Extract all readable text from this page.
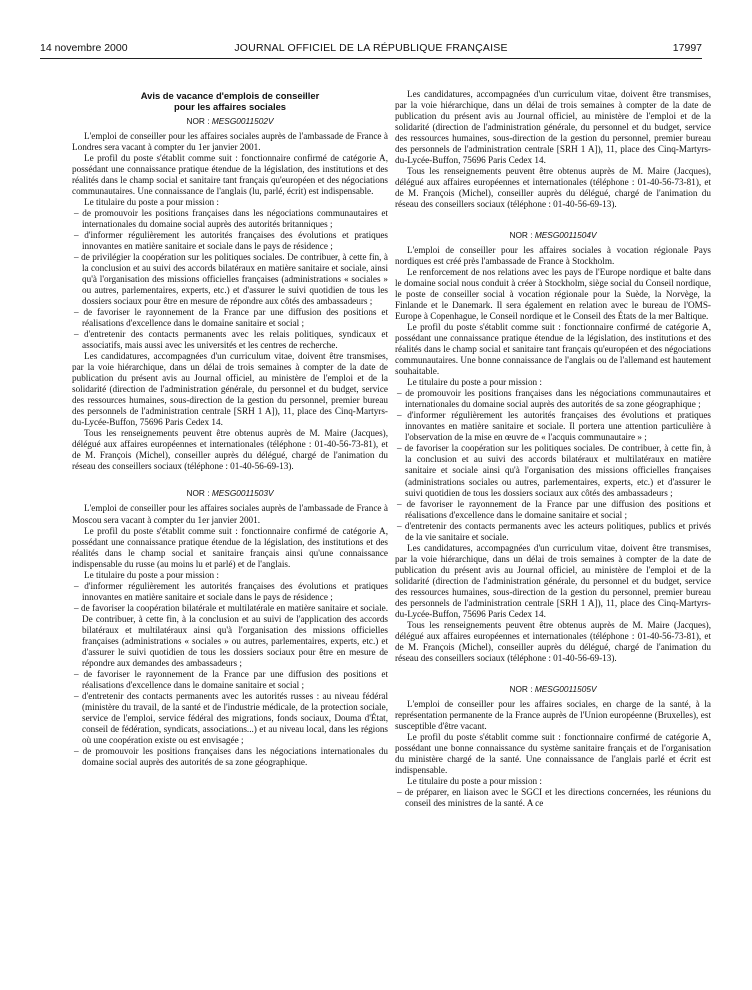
14 novembre 2000	JOURNAL OFFICIEL DE LA RÉPUBLIQUE FRANÇAISE	17997
Avis de vacance d'emplois de conseiller
pour les affaires sociales
NOR : MESG0011502V

L'emploi de conseiller pour les affaires sociales auprès de l'ambassade de France à Londres sera vacant à compter du 1er janvier 2001.

Le profil du poste s'établit comme suit : fonctionnaire confirmé de catégorie A, possédant une connaissance pratique étendue de la législation, des institutions et des réalités dans le champ social et sanitaire tant français qu'européen et des négociations communautaires. Une connaissance de l'anglais (lu, parlé, écrit) est indispensable.

Le titulaire du poste a pour mission :

– de promouvoir les positions françaises dans les négociations communautaires et internationales du domaine social auprès des autorités britanniques ;
– d'informer régulièrement les autorités françaises des évolutions et pratiques innovantes en matière sanitaire et sociale dans le pays de résidence ;
– de privilégier la coopération sur les politiques sociales. De contribuer, à cette fin, à la conclusion et au suivi des accords bilatéraux en matière sanitaire et sociale, ainsi qu'à l'organisation des missions officielles françaises (administrations « sociales » ou autres, parlementaires, experts, etc.) et d'assurer le suivi quotidien de tous les dossiers sociaux pour être en mesure de répondre aux côtés des ambassadeurs ;
– de favoriser le rayonnement de la France par une diffusion des positions et réalisations d'excellence dans le domaine sanitaire et social ;
– d'entretenir des contacts permanents avec les relais politiques, syndicaux et associatifs, mais aussi avec les universités et les centres de recherche.

Les candidatures, accompagnées d'un curriculum vitae, doivent être transmises, par la voie hiérarchique, dans un délai de trois semaines à compter de la date de publication du présent avis au Journal officiel, au ministère de l'emploi et de la solidarité (direction de l'administration générale, du personnel et du budget, service des ressources humaines, sous-direction de la gestion du personnel, premier bureau des personnels de l'administration centrale [SRH 1 A]), 11, place des Cinq-Martyrs-du-Lycée-Buffon, 75696 Paris Cedex 14.

Tous les renseignements peuvent être obtenus auprès de M. Maire (Jacques), délégué aux affaires européennes et internationales (téléphone : 01-40-56-73-81), et de M. François (Michel), conseiller auprès du délégué, chargé de l'animation du réseau des conseillers sociaux (téléphone : 01-40-56-69-13).

NOR : MESG0011503V

L'emploi de conseiller pour les affaires sociales auprès de l'ambassade de France à Moscou sera vacant à compter du 1er janvier 2001.

Le profil du poste s'établit comme suit : fonctionnaire confirmé de catégorie A, possédant une connaissance pratique étendue de la législation, des institutions et des réalités dans le champ social et sanitaire français ainsi qu'une connaissance indispensable du russe (au moins lu et parlé) et de l'anglais.

Le titulaire du poste a pour mission :

– d'informer régulièrement les autorités françaises des évolutions et pratiques innovantes en matière sanitaire et sociale dans le pays de résidence ;
– de favoriser la coopération bilatérale et multilatérale en matière sanitaire et sociale. De contribuer, à cette fin, à la conclusion et au suivi de l'application des accords bilatéraux et multilatéraux ainsi qu'à l'organisation des missions officielles françaises (administrations « sociales » ou autres, parlementaires, experts, etc.) et d'assurer le suivi quotidien de tous les dossiers sociaux pour être en mesure de répondre aux demandes des ambassadeurs ;
– de favoriser le rayonnement de la France par une diffusion des positions et réalisations d'excellence dans le domaine sanitaire et social ;
– d'entretenir des contacts permanents avec les autorités russes : au niveau fédéral (ministère du travail, de la santé et de l'industrie médicale, de la protection sociale, service de l'emploi, service fédéral des migrations, fonds sociaux, Douma d'État, conseil de fédération, syndicats, associations...) et au niveau local, dans les régions où une coopération existe ou est envisagée ;
– de promouvoir les positions françaises dans les négociations internationales du domaine social auprès des autorités de sa zone géographique.

Les candidatures, accompagnées d'un curriculum vitae, doivent être transmises, par la voie hiérarchique, dans un délai de trois semaines à compter de la date de publication du présent avis au Journal officiel, au ministère de l'emploi et de la solidarité (direction de l'administration générale, du personnel et du budget, service des ressources humaines, sous-direction de la gestion du personnel, premier bureau des personnels de l'administration centrale [SRH 1 A]), 11, place des Cinq-Martyrs-du-Lycée-Buffon, 75696 Paris Cedex 14.

Tous les renseignements peuvent être obtenus auprès de M. Maire (Jacques), délégué aux affaires européennes et internationales (téléphone : 01-40-56-73-81), et de M. François (Michel), conseiller auprès du délégué, chargé de l'animation du réseau des conseillers sociaux (téléphone : 01-40-56-69-13).

NOR : MESG0011504V

L'emploi de conseiller pour les affaires sociales à vocation régionale Pays nordiques est créé près l'ambassade de France à Stockholm.

Le renforcement de nos relations avec les pays de l'Europe nordique et balte dans le domaine social nous conduit à créer à Stockholm, siège social du Conseil nordique, le poste de conseiller social à vocation régionale pour la Suède, la Norvège, la Finlande et le Danemark. Il sera également en relation avec le bureau de l'OMS-Europe à Copenhague, le Conseil nordique et le Conseil des États de la mer Baltique.

Le profil du poste s'établit comme suit : fonctionnaire confirmé de catégorie A, possédant une connaissance pratique étendue de la législation, des institutions et des réalités dans le champ social et sanitaire tant français qu'européen et des négociations communautaires. Une bonne connaissance de l'anglais ou de l'allemand est hautement souhaitable.

Le titulaire du poste a pour mission :

– de promouvoir les positions françaises dans les négociations communautaires et internationales du domaine social auprès des autorités de sa zone géographique ;
– d'informer régulièrement les autorités françaises des évolutions et pratiques innovantes en matière sanitaire et sociale. Il portera une attention particulière à l'observation de la mise en œuvre de « l'acquis communautaire » ;
– de favoriser la coopération sur les politiques sociales. De contribuer, à cette fin, à la conclusion et au suivi des accords bilatéraux et multilatéraux en matière sanitaire et sociale ainsi qu'à l'organisation des missions officielles françaises (administrations sociales ou autres, parlementaires, experts, etc.) et d'assurer le suivi quotidien de tous les dossiers sociaux aux côtés des ambassadeurs ;
– de favoriser le rayonnement de la France par une diffusion des positions et réalisations d'excellence dans le domaine sanitaire et social ;
– d'entretenir des contacts permanents avec les acteurs politiques, publics et privés de la vie sanitaire et sociale.

Les candidatures, accompagnées d'un curriculum vitae, doivent être transmises, par la voie hiérarchique, dans un délai de trois semaines à compter de la date de publication du présent avis au Journal officiel, au ministère de l'emploi et de la solidarité (direction de l'administration générale, du personnel et du budget, service des ressources humaines, sous-direction de la gestion du personnel, premier bureau des personnels de l'administration centrale [SRH 1 A]), 11, place des Cinq-Martyrs-du-Lycée-Buffon, 75696 Paris Cedex 14.

Tous les renseignements peuvent être obtenus auprès de M. Maire (Jacques), délégué aux affaires européennes et internationales (téléphone : 01-40-56-73-81), et de M. François (Michel), conseiller auprès du délégué, chargé de l'animation du réseau des conseillers sociaux (téléphone : 01-40-56-69-13).

NOR : MESG0011505V

L'emploi de conseiller pour les affaires sociales, en charge de la santé, à la représentation permanente de la France auprès de l'Union européenne (Bruxelles), est susceptible d'être vacant.

Le profil du poste s'établit comme suit : fonctionnaire confirmé de catégorie A, possédant une bonne connaissance du système sanitaire français et de l'organisation du ministère chargé de la santé. Une connaissance de l'anglais parlé et écrit est indispensable.

Le titulaire du poste a pour mission :

– de préparer, en liaison avec le SGCI et les directions concernées, les réunions du conseil des ministres de la santé. A ce
